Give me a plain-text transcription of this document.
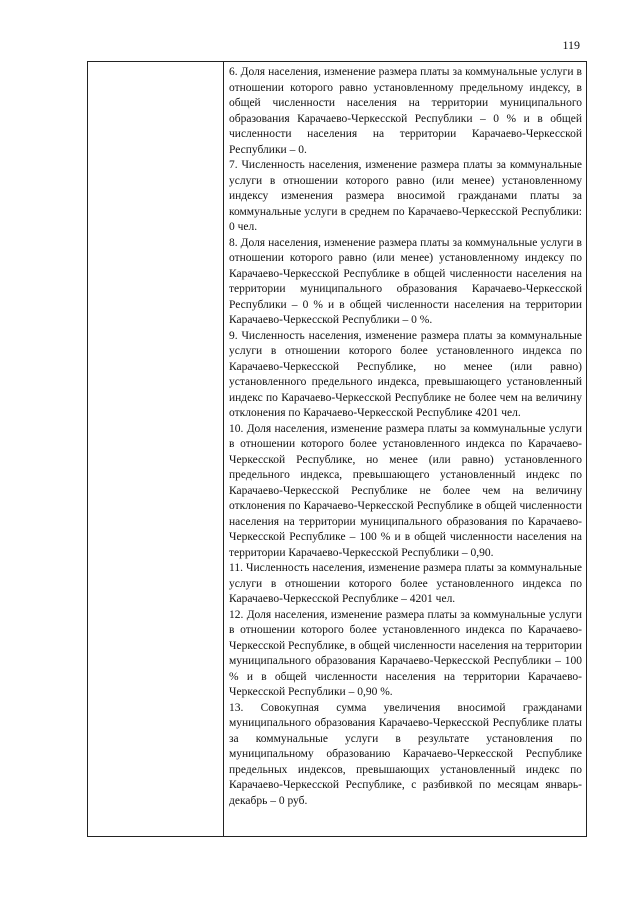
119

6. Доля населения, изменение размера платы за коммунальные услуги в отношении которого равно установленному предельному индексу, в общей численности населения на территории муниципального образования Карачаево-Черкесской Республики – 0 % и в общей численности населения на территории Карачаево-Черкесской Республики – 0.

7. Численность населения, изменение размера платы за коммунальные услуги в отношении которого равно (или менее) установленному индексу изменения размера вносимой гражданами платы за коммунальные услуги в среднем по Карачаево-Черкесской Республики: 0 чел.

8. Доля населения, изменение размера платы за коммунальные услуги в отношении которого равно (или менее) установленному индексу по Карачаево-Черкесской Республике в общей численности населения на территории муниципального образования Карачаево-Черкесской Республики – 0 % и в общей численности населения на территории Карачаево-Черкесской Республики – 0 %.

9. Численность населения, изменение размера платы за коммунальные услуги в отношении которого более установленного индекса по Карачаево-Черкесской Республике, но менее (или равно) установленного предельного индекса, превышающего установленный индекс по Карачаево-Черкесской Республике не более чем на величину отклонения по Карачаево-Черкесской Республике 4201 чел.

10. Доля населения, изменение размера платы за коммунальные услуги в отношении которого более установленного индекса по Карачаево-Черкесской Республике, но менее (или равно) установленного предельного индекса, превышающего установленный индекс по Карачаево-Черкесской Республике не более чем на величину отклонения по Карачаево-Черкесской Республике в общей численности населения на территории муниципального образования по Карачаево-Черкесской Республике – 100 % и в общей численности населения на территории Карачаево-Черкесской Республики – 0,90.

11. Численность населения, изменение размера платы за коммунальные услуги в отношении которого более установленного индекса по Карачаево-Черкесской Республике – 4201 чел.

12. Доля населения, изменение размера платы за коммунальные услуги в отношении которого более установленного индекса по Карачаево-Черкесской Республике, в общей численности населения на территории муниципального образования Карачаево-Черкесской Республики – 100 % и в общей численности населения на территории Карачаево-Черкесской Республики – 0,90 %.

13. Совокупная сумма увеличения вносимой гражданами муниципального образования Карачаево-Черкесской Республике платы за коммунальные услуги в результате установления по муниципальному образованию Карачаево-Черкесской Республике предельных индексов, превышающих установленный индекс по Карачаево-Черкесской Республике, с разбивкой по месяцам январь-декабрь – 0 руб.
